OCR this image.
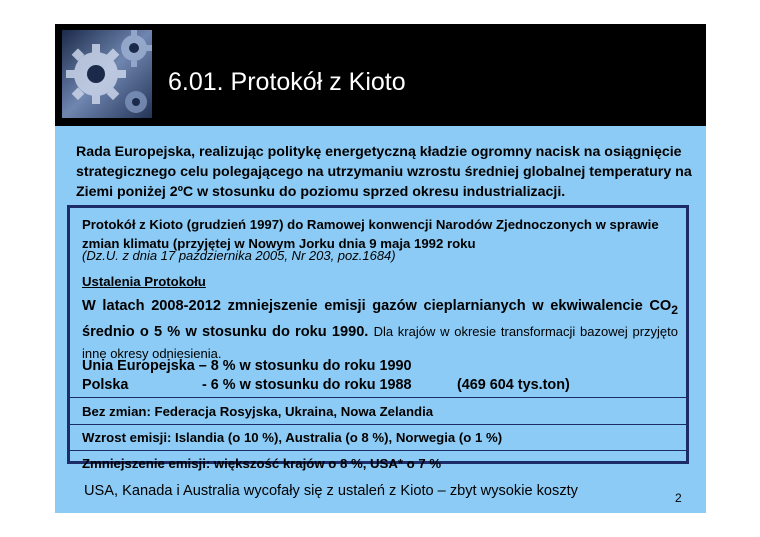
6.01. Protokół z Kioto
Rada Europejska, realizując politykę energetyczną kładzie ogromny nacisk na osiągnięcie strategicznego celu polegającego na utrzymaniu wzrostu średniej globalnej temperatury na Ziemi poniżej 2ºC w stosunku do poziomu sprzed okresu industrializacji.
Protokół z Kioto (grudzień 1997) do Ramowej konwencji Narodów Zjednoczonych w sprawie zmian klimatu (przyjętej w Nowym Jorku dnia 9 maja 1992 roku
(Dz.U. z dnia 17 października 2005, Nr 203, poz.1684)
Ustalenia Protokołu
W latach 2008-2012 zmniejszenie emisji gazów cieplarnianych w ekwiwalencie $CO_2$ średnio o 5 % w stosunku do roku 1990. Dla krajów w okresie transformacji bazowej przyjęto inne okresy odniesienia.
Unia Europejska – 8 % w stosunku do roku 1990
Polska	- 6 % w stosunku do roku 1988	(469 604 tys.ton)
Bez zmian: Federacja Rosyjska, Ukraina, Nowa Zelandia
Wzrost emisji: Islandia (o 10 %), Australia (o 8 %), Norwegia (o 1 %)
Zmniejszenie emisji: większość krajów o 8 %, USA* o 7 %
USA, Kanada i Australia wycofały się z ustaleń z Kioto – zbyt wysokie koszty	2
